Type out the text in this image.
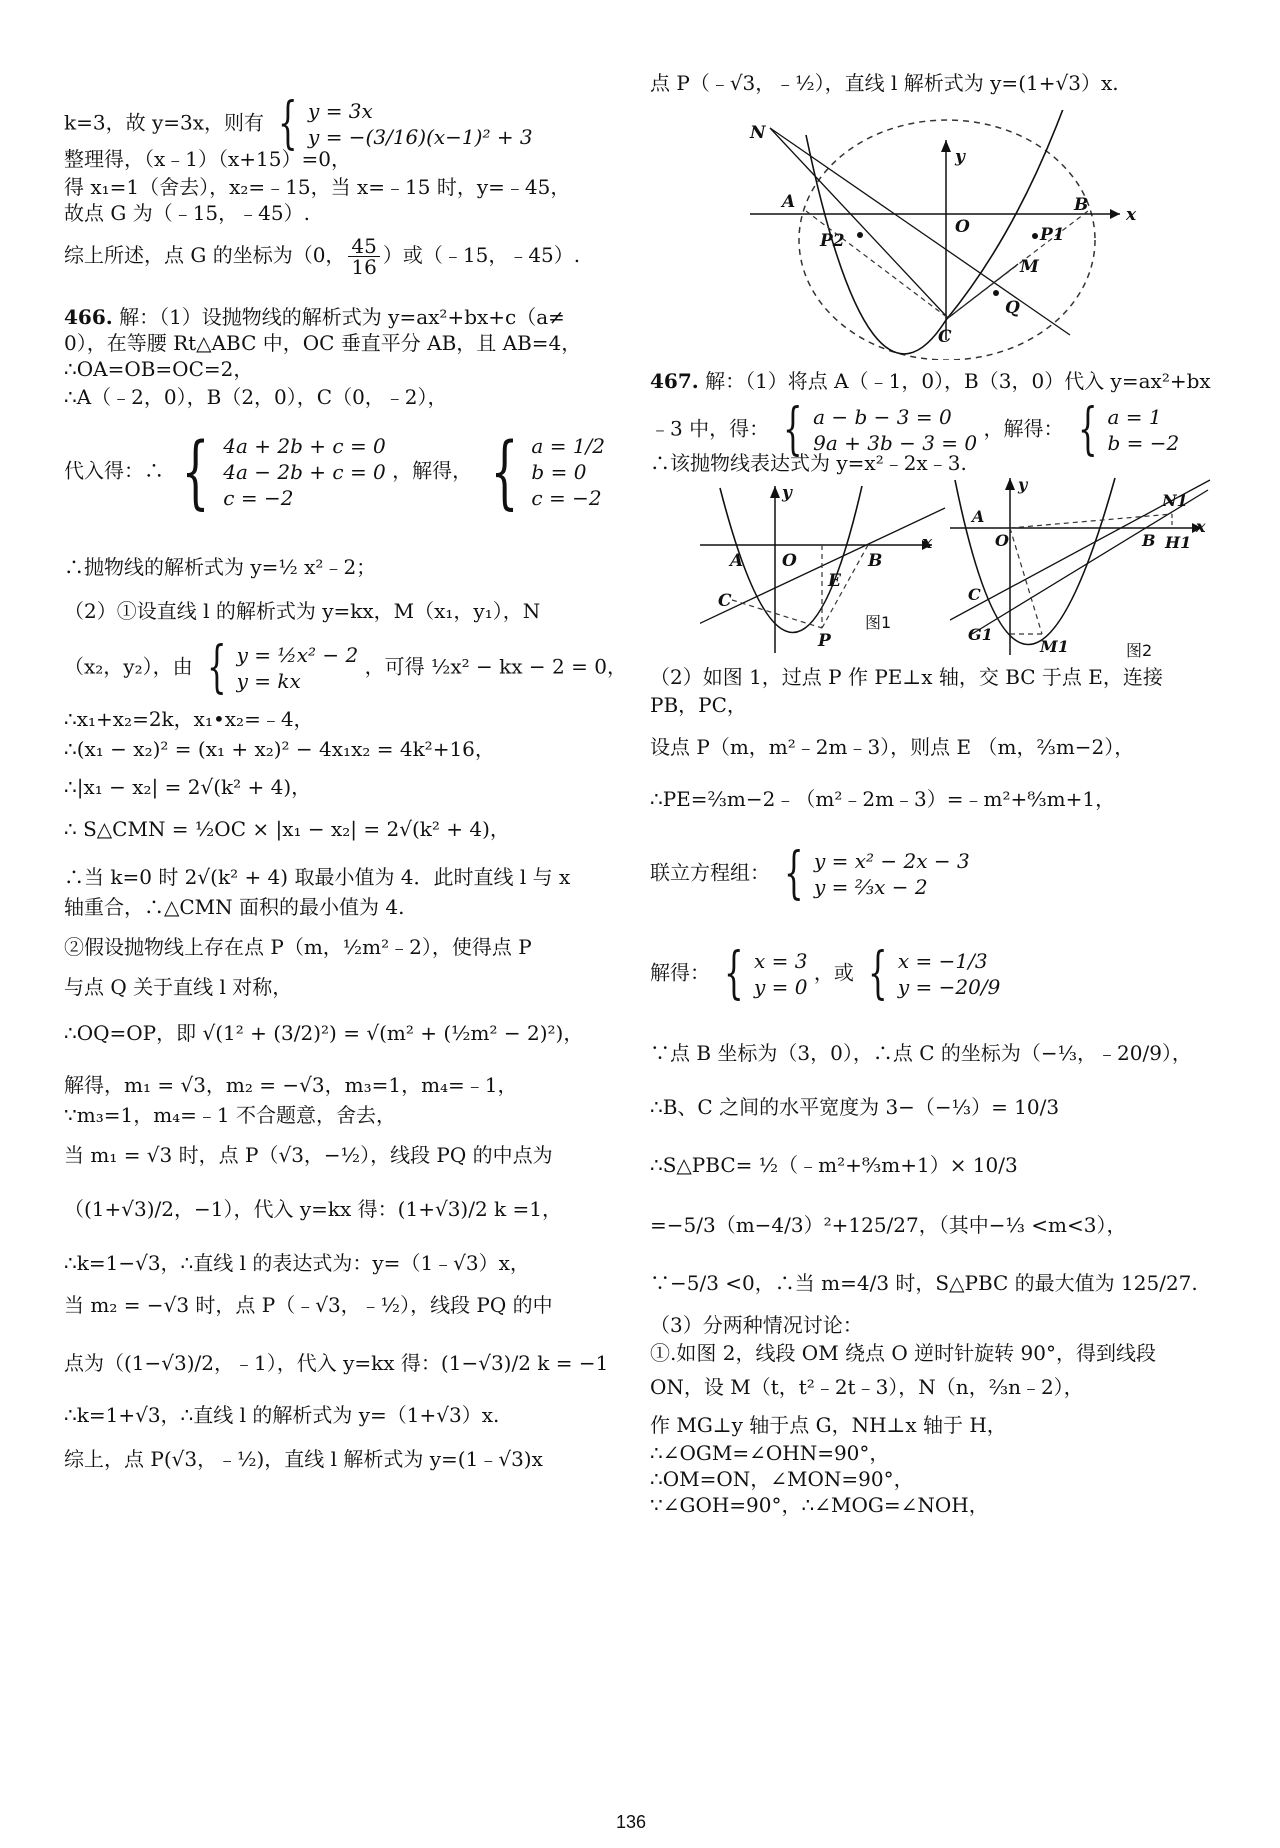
k=3，故 y=3x，则有 { y = 3x
y = −(3/16)(x−1)² + 3
整理得，（x﹣1）（x+15）=0，
得 x₁=1（舍去），x₂=﹣15，当 x=﹣15 时，y=﹣45，
故点 G 为（﹣15，﹣45）.
综上所述，点 G 的坐标为（0， $\frac{45}{16}$ ）或（﹣15，﹣45）.
466. 解：（1）设抛物线的解析式为 y=ax²+bx+c（a≠
0），在等腰 Rt△ABC 中，OC 垂直平分 AB，且 AB=4，
∴OA=OB=OC=2，
∴A（﹣2，0），B（2，0），C（0，﹣2），
代入得：∴ { 4a + 2b + c = 0
4a − 2b + c = 0
c = −2
，解得， { a = 1/2
b = 0
c = −2
∴抛物线的解析式为 y=½ x²﹣2；
（2）①设直线 l 的解析式为 y=kx，M（x₁，y₁），N
（x₂，y₂），由 { y = ½x² − 2
y = kx
，可得 ½x² − kx − 2 = 0，
∴x₁+x₂=2k，x₁•x₂=﹣4，
∴(x₁ − x₂)² = (x₁ + x₂)² − 4x₁x₂ = 4k²+16，
∴|x₁ − x₂| = 2√(k² + 4)，
∴ S△CMN = ½OC × |x₁ − x₂| = 2√(k² + 4)，
∴当 k=0 时 2√(k² + 4) 取最小值为 4．此时直线 l 与 x
轴重合，∴△CMN 面积的最小值为 4.
②假设抛物线上存在点 P（m，½m²﹣2），使得点 P
与点 Q 关于直线 l 对称，
∴OQ=OP，即 √(1² + (3/2)²) = √(m² + (½m² − 2)²)，
解得，m₁ = √3，m₂ = −√3，m₃=1，m₄=﹣1，
∵m₃=1，m₄=﹣1 不合题意，舍去，
当 m₁ = √3 时，点 P（√3，−½），线段 PQ 的中点为
（(1+√3)/2，−1），代入 y=kx 得：(1+√3)/2 k =1，
∴k=1−√3，∴直线 l 的表达式为：y=（1﹣√3）x，
当 m₂ = −√3 时，点 P（﹣√3，﹣½），线段 PQ 的中
点为（(1−√3)/2，﹣1），代入 y=kx 得：(1−√3)/2 k = −1
∴k=1+√3，∴直线 l 的解析式为 y=（1+√3）x.
综上，点 P(√3，﹣½)，直线 l 解析式为 y=(1﹣√3)x
点 P（﹣√3，﹣½），直线 l 解析式为 y=(1+√3）x.
467. 解：（1）将点 A（﹣1，0），B（3，0）代入 y=ax²+bx
﹣3 中，得： { a − b − 3 = 0
9a + 3b − 3 = 0
，解得： { a = 1
b = −2
∴该抛物线表达式为 y=x²﹣2x﹣3.
（2）如图 1，过点 P 作 PE⊥x 轴，交 BC 于点 E，连接
PB，PC，
设点 P（m，m²﹣2m﹣3），则点 E （m，⅔m−2），
∴PE=⅔m−2﹣（m²﹣2m﹣3）=﹣m²+⁸⁄₃m+1，
联立方程组： { y = x² − 2x − 3
y = ⅔x − 2
解得： { x = 3
y = 0
，或 { x = −1/3
y = −20/9
∵点 B 坐标为（3，0），∴点 C 的坐标为（−⅓，﹣20/9），
∴B、C 之间的水平宽度为 3−（−⅓）= 10/3
∴S△PBC= ½（﹣m²+⁸⁄₃m+1）× 10/3
=−5/3（m−4/3）²+125/27，（其中−⅓ <m<3），
∵−5/3 <0，∴当 m=4/3 时，S△PBC 的最大值为 125/27.
（3）分两种情况讨论：
①.如图 2，线段 OM 绕点 O 逆时针旋转 90°，得到线段
ON，设 M（t，t²﹣2t﹣3），N（n，⅔n﹣2），
作 MG⊥y 轴于点 G，NH⊥x 轴于 H，
∴∠OGM=∠OHN=90°，
∴OM=ON，∠MON=90°，
∵∠GOH=90°，∴∠MOG=∠NOH，
N
y
A
O
B x
P2	P1
M
Q
C
y
A O	B
x
E
C
P
图1
y
N1
A
O	B H1
x
C
G1
M1	图2
136
